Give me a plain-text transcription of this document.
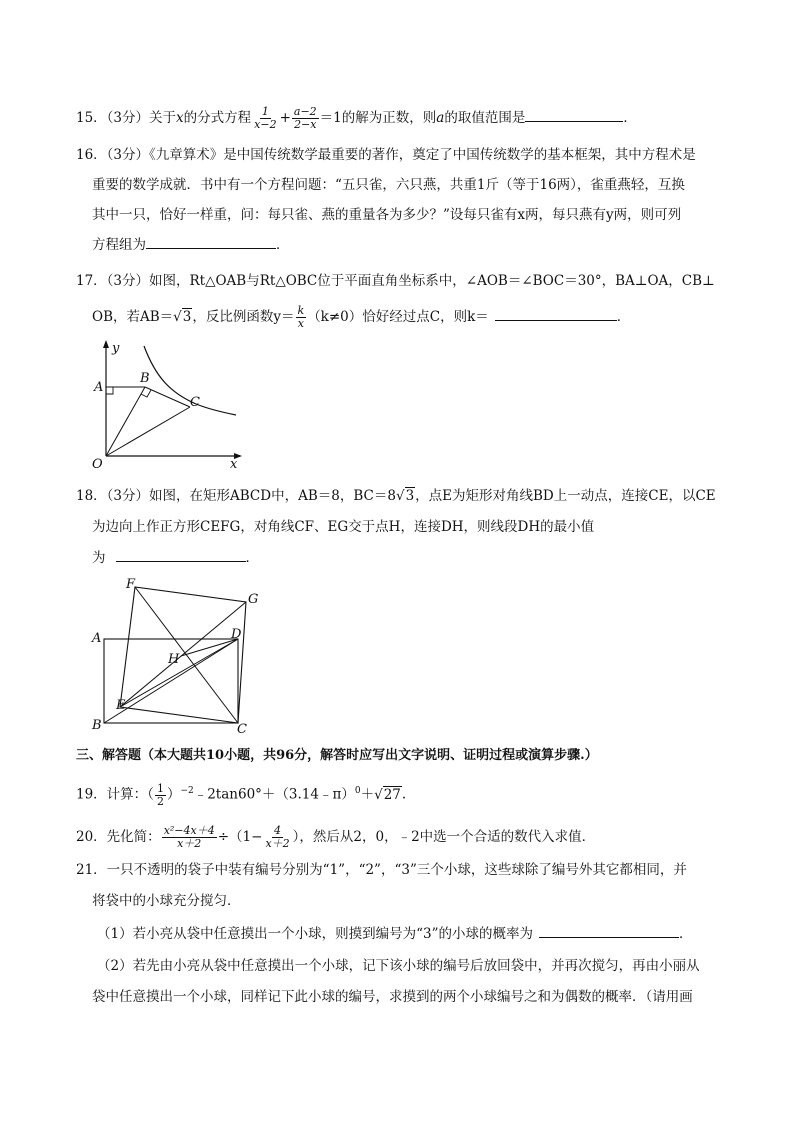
15．（3分）关于x的分式方程 $\frac{1}{x-2} + \frac{a-2}{2-x} =1$的解为正数，则a的取值范围是	．
16．（3分）《九章算术》是中国传统数学最重要的著作，奠定了中国传统数学的基本框架，其中方程术是
重要的数学成就．书中有一个方程问题：“五只雀，六只燕，共重1斤（等于16两），雀重燕轻，互换
其中一只，恰好一样重，问：每只雀、燕的重量各为多少？”设每只雀有x两，每只燕有y两，则可列
方程组为	．
17．（3分）如图，Rt△OAB与Rt△OBC位于平面直角坐标系中，∠AOB＝∠BOC＝30°，BA⊥OA，CB⊥
OB，若AB＝√3，反比例函数$y= \frac{k}{x} (k\ne 0)$恰好经过点C，则k＝	．
y
A
B
C
O	x
18．（3分）如图，在矩形ABCD中，AB＝8，BC＝8√3，点E为矩形对角线BD上一动点，连接CE，以CE
为边向上作正方形CEFG，对角线CF、EG交于点H，连接DH，则线段DH的最小值
为	．
F
G
A	D
H
E
B	C
三、解答题（本大题共10小题，共96分，解答时应写出文字说明、证明过程或演算步骤.）
19．计算：（ $\frac{1}{2}$ ）$^{-2}$﹣2tan60°＋（3.14﹣π）$^0$＋√27.
20．先化简： $\frac{\text{x²−4x＋4}}{x+2} \div(1- \frac{4}{x+2}$ ），然后从2，0，﹣2中选一个合适的数代入求值．
21．一只不透明的袋子中装有编号分别为“1”，“2”，“3”三个小球，这些球除了编号外其它都相同，并
将袋中的小球充分搅匀．
（1）若小亮从袋中任意摸出一个小球，则摸到编号为“3”的小球的概率为	．
（2）若先由小亮从袋中任意摸出一个小球，记下该小球的编号后放回袋中，并再次搅匀，再由小丽从
袋中任意摸出一个小球，同样记下此小球的编号，求摸到的两个小球编号之和为偶数的概率．（请用画
